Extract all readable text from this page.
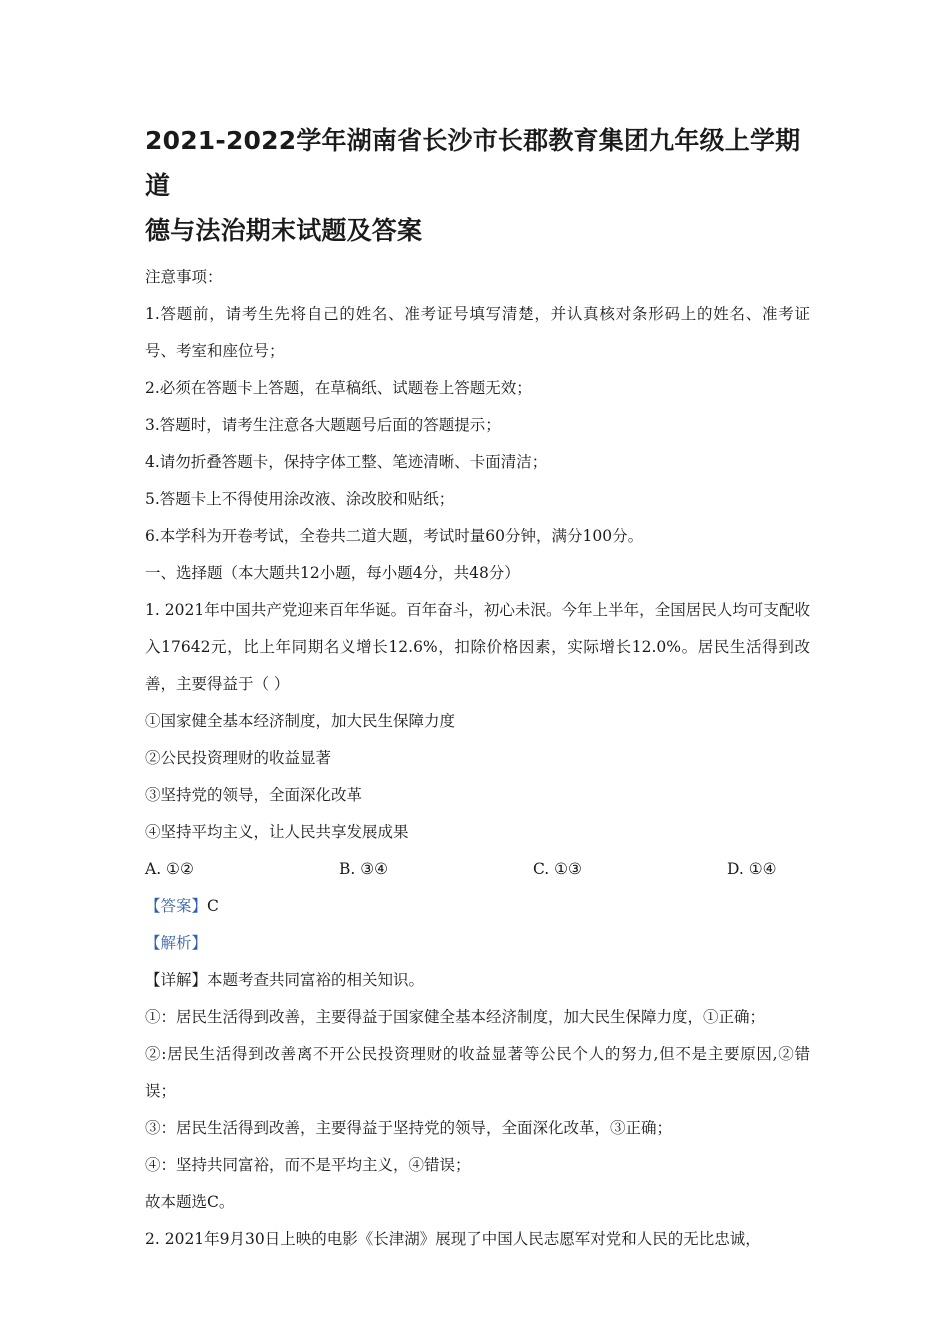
2021-2022学年湖南省长沙市长郡教育集团九年级上学期道
德与法治期末试题及答案
注意事项：
1.答题前，请考生先将自己的姓名、准考证号填写清楚，并认真核对条形码上的姓名、准考证号、考室和座位号；
2.必须在答题卡上答题，在草稿纸、试题卷上答题无效；
3.答题时，请考生注意各大题题号后面的答题提示；
4.请勿折叠答题卡，保持字体工整、笔迹清晰、卡面清洁；
5.答题卡上不得使用涂改液、涂改胶和贴纸；
6.本学科为开卷考试，全卷共二道大题，考试时量60分钟，满分100分。
一、选择题（本大题共12小题，每小题4分，共48分）
1. 2021年中国共产党迎来百年华诞。百年奋斗，初心未泯。今年上半年，全国居民人均可支配收入17642元，比上年同期名义增长12.6%，扣除价格因素，实际增长12.0%。居民生活得到改善，主要得益于（ ）
①国家健全基本经济制度，加大民生保障力度
②公民投资理财的收益显著
③坚持党的领导，全面深化改革
④坚持平均主义，让人民共享发展成果
A. ①②	B. ③④	C. ①③	D. ①④
【答案】C
【解析】
【详解】本题考查共同富裕的相关知识。
①：居民生活得到改善，主要得益于国家健全基本经济制度，加大民生保障力度，①正确；
②:居民生活得到改善离不开公民投资理财的收益显著等公民个人的努力,但不是主要原因,②错误；
③：居民生活得到改善，主要得益于坚持党的领导，全面深化改革，③正确；
④：坚持共同富裕，而不是平均主义，④错误；
故本题选C。
2. 2021年9月30日上映的电影《长津湖》展现了中国人民志愿军对党和人民的无比忠诚，
